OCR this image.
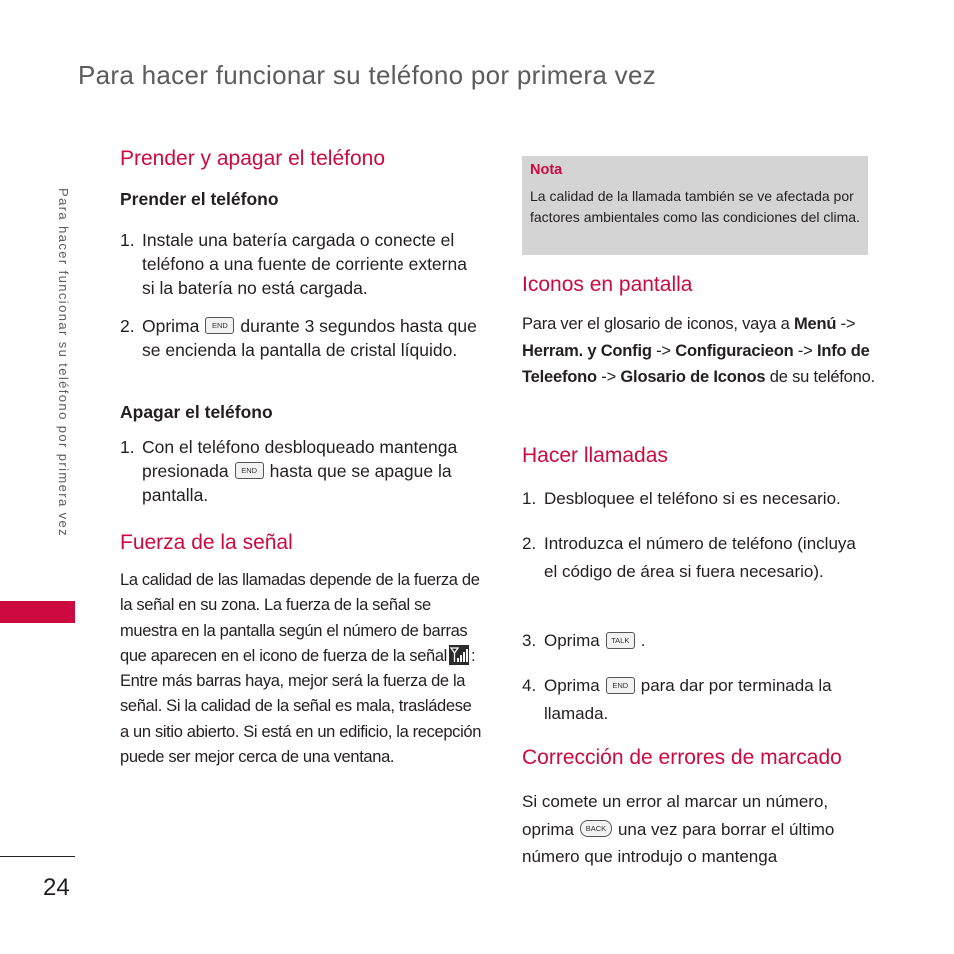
Para hacer funcionar su teléfono por primera vez
Para hacer funcionar su teléfono por primera vez
24
Prender y apagar el teléfono
Prender el teléfono
1. Instale una batería cargada o conecte el teléfono a una fuente de corriente externa si la batería no está cargada.
2. Oprima END durante 3 segundos hasta que se encienda la pantalla de cristal líquido.
Apagar el teléfono
1. Con el teléfono desbloqueado mantenga presionada END hasta que se apague la pantalla.
Fuerza de la señal

La calidad de las llamadas depende de la fuerza de la señal en su zona. La fuerza de la señal se muestra en la pantalla según el número de barras que aparecen en el icono de fuerza de la señal : Entre más barras haya, mejor será la fuerza de la señal. Si la calidad de la señal es mala, trasládese a un sitio abierto. Si está en un edificio, la recepción puede ser mejor cerca de una ventana.

Nota

La calidad de la llamada también se ve afectada por factores ambientales como las condiciones del clima.

Iconos en pantalla

Para ver el glosario de iconos, vaya a Menú -> Herram. y Config -> Configuracieon -> Info de Teleefono -> Glosario de Iconos de su teléfono.

Hacer llamadas
1. Desbloquee el teléfono si es necesario.
2. Introduzca el número de teléfono (incluya el código de área si fuera necesario).
3. Oprima TALK .
4. Oprima END para dar por terminada la llamada.
Corrección de errores de marcado

Si comete un error al marcar un número, oprima BACK una vez para borrar el último número que introdujo o mantenga
